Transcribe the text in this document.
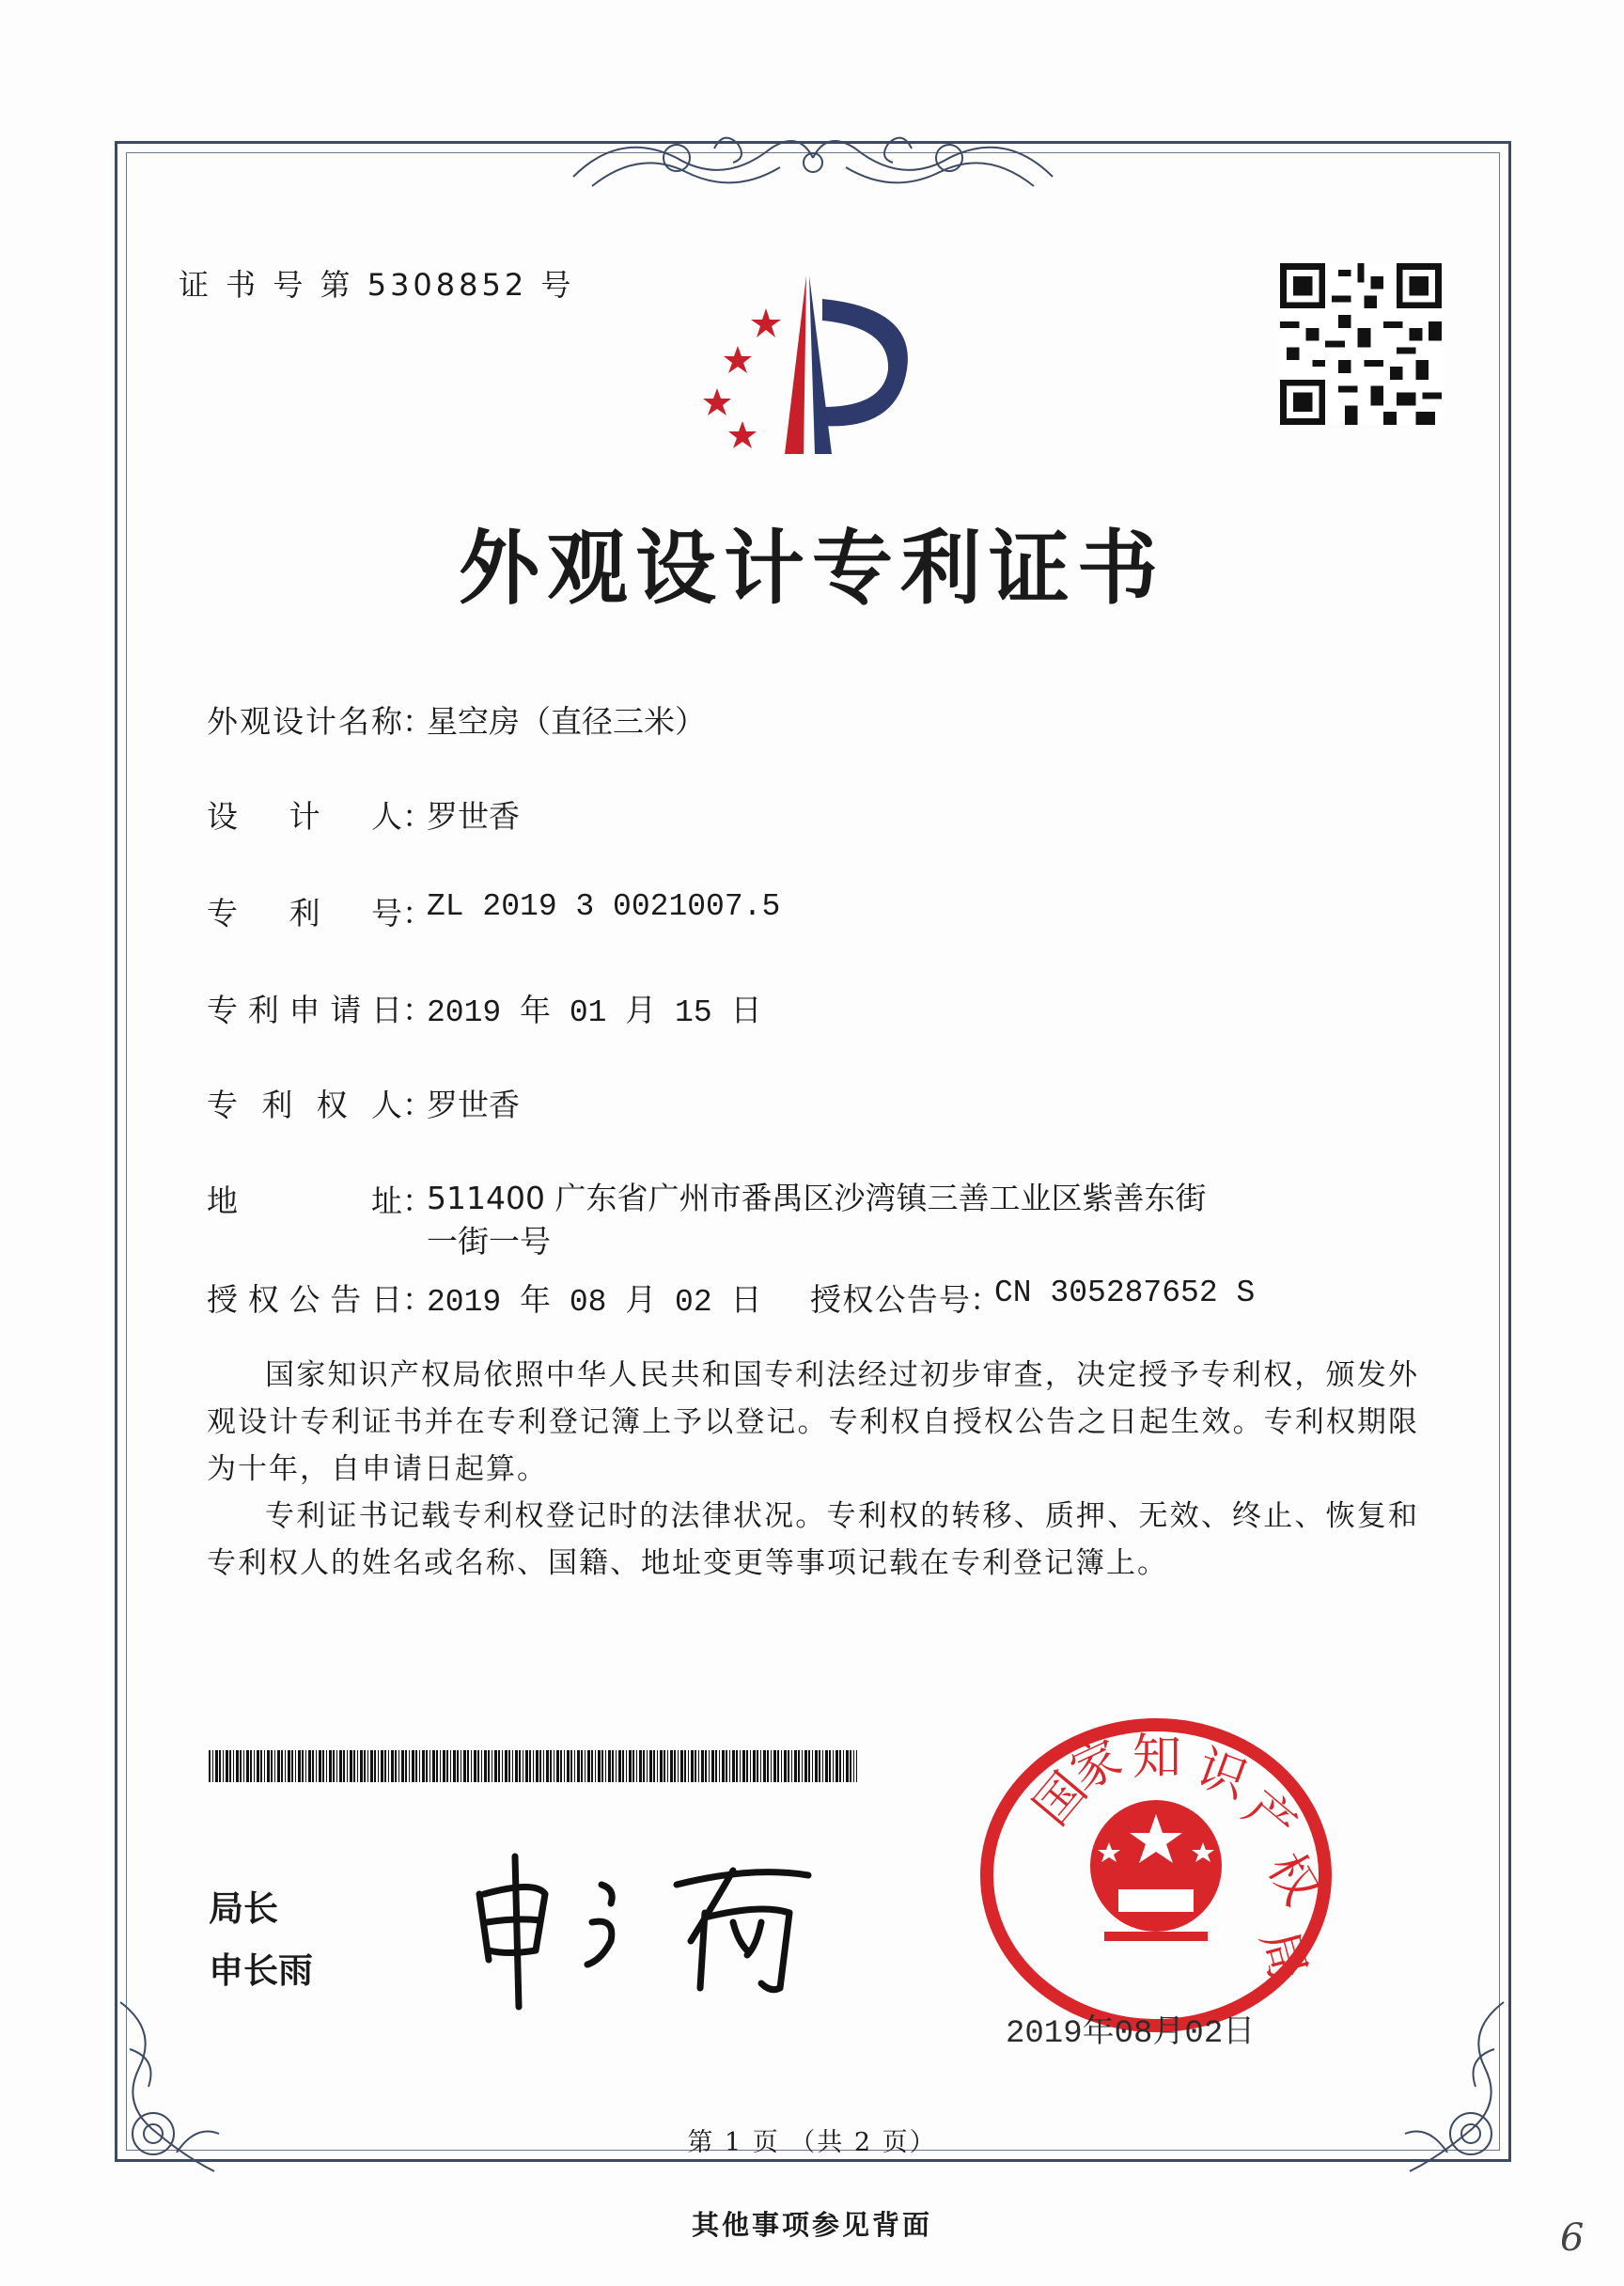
证 书 号 第 5308852 号
外观设计专利证书
外观设计名称 ：
星空房（直径三米）
设计人 ：
罗世香
专利号 ：
ZL 2019 3 0021007.5
专利申请日 ：
2019 年 01 月 15 日
专利权人 ：
罗世香
地址 ：
511400 广东省广州市番禺区沙湾镇三善工业区紫善东街
一街一号
授权公告日 ：
2019 年 08 月 02 日 授权公告号 ：
CN 305287652 S
国家知识产权局依照中华人民共和国专利法经过初步审查，决定授予专利权，颁发外观设计专利证书并在专利登记簿上予以登记。专利权自授权公告之日起生效。专利权期限为十年，自申请日起算。
专利证书记载专利权登记时的法律状况。专利权的转移、质押、无效、终止、恢复和专利权人的姓名或名称、国籍、地址变更等事项记载在专利登记簿上。
局长
申长雨
国
家 知 识
产
权
局
2019年08月02日
第 1 页 （共 2 页）
其他事项参见背面	6
